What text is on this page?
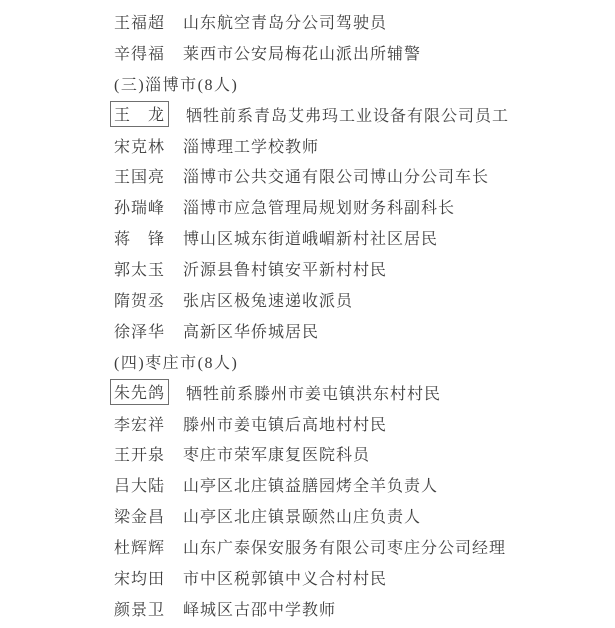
王福超 山东航空青岛分公司驾驶员
辛得福 莱西市公安局梅花山派出所辅警
(三)淄博市(8人)
王　龙 牺牲前系青岛艾弗玛工业设备有限公司员工
宋克林 淄博理工学校教师
王国亮 淄博市公共交通有限公司博山分公司车长
孙瑞峰 淄博市应急管理局规划财务科副科长
蒋　锋 博山区城东街道峨嵋新村社区居民
郭太玉 沂源县鲁村镇安平新村村民
隋贺丞 张店区极兔速递收派员
徐泽华 高新区华侨城居民
(四)枣庄市(8人)
朱先鸽 牺牲前系滕州市姜屯镇洪东村村民
李宏祥 滕州市姜屯镇后高地村村民
王开泉 枣庄市荣军康复医院科员
吕大陆 山亭区北庄镇益膳园烤全羊负责人
梁金昌 山亭区北庄镇景颐然山庄负责人
杜辉辉 山东广泰保安服务有限公司枣庄分公司经理
宋均田 市中区税郭镇中义合村村民
颜景卫 峄城区古邵中学教师
